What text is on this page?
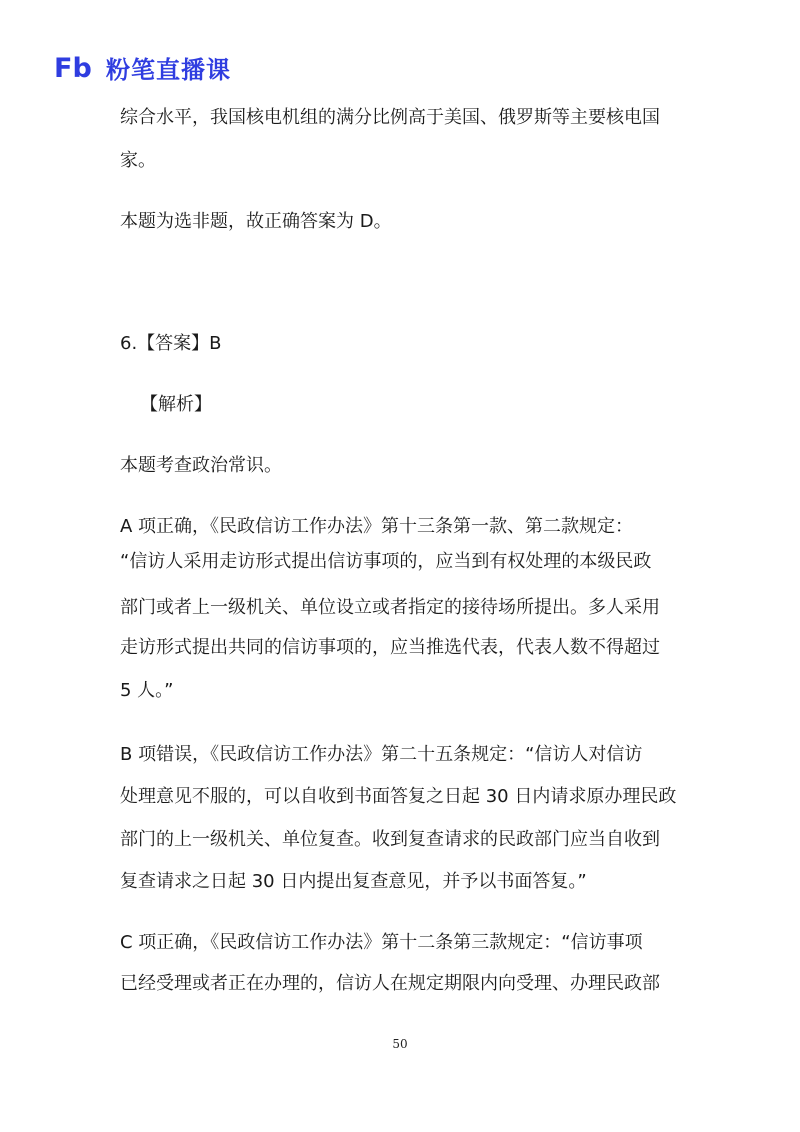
Fb 粉笔直播课
综合水平，我国核电机组的满分比例高于美国、俄罗斯等主要核电国
家。
本题为选非题，故正确答案为 D。
6.【答案】B
【解析】
本题考查政治常识。
A 项正确，《民政信访工作办法》第十三条第一款、第二款规定：
“信访人采用走访形式提出信访事项的，应当到有权处理的本级民政
部门或者上一级机关、单位设立或者指定的接待场所提出。多人采用
走访形式提出共同的信访事项的，应当推选代表，代表人数不得超过
5 人。”
B 项错误，《民政信访工作办法》第二十五条规定：“信访人对信访
处理意见不服的，可以自收到书面答复之日起 30 日内请求原办理民政
部门的上一级机关、单位复查。收到复查请求的民政部门应当自收到
复查请求之日起 30 日内提出复查意见，并予以书面答复。”
C 项正确，《民政信访工作办法》第十二条第三款规定：“信访事项
已经受理或者正在办理的，信访人在规定期限内向受理、办理民政部
50
